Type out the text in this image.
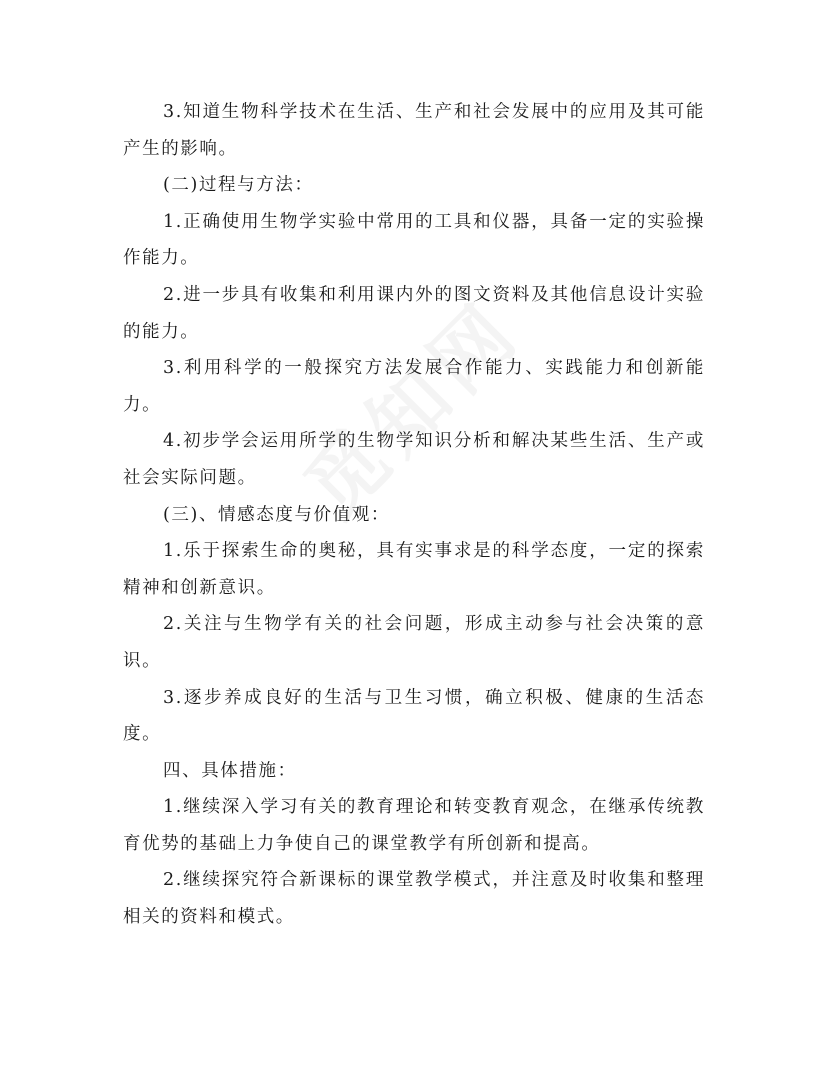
3.知道生物科学技术在生活、生产和社会发展中的应用及其可能产生的影响。

(二)过程与方法：

1.正确使用生物学实验中常用的工具和仪器，具备一定的实验操作能力。

2.进一步具有收集和利用课内外的图文资料及其他信息设计实验的能力。

3.利用科学的一般探究方法发展合作能力、实践能力和创新能力。

4.初步学会运用所学的生物学知识分析和解决某些生活、生产或社会实际问题。

(三)、情感态度与价值观：

1.乐于探索生命的奥秘，具有实事求是的科学态度，一定的探索精神和创新意识。

2.关注与生物学有关的社会问题，形成主动参与社会决策的意识。

3.逐步养成良好的生活与卫生习惯，确立积极、健康的生活态度。

四、具体措施：

1.继续深入学习有关的教育理论和转变教育观念，在继承传统教育优势的基础上力争使自己的课堂教学有所创新和提高。

2.继续探究符合新课标的课堂教学模式，并注意及时收集和整理相关的资料和模式。
